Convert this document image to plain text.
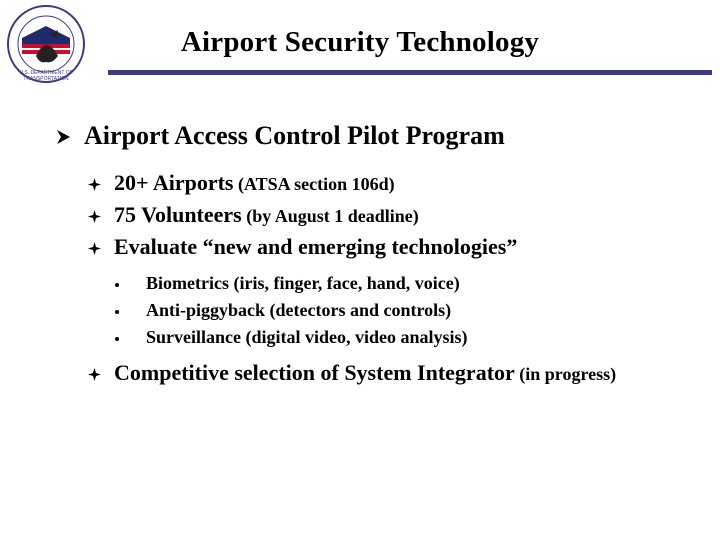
U.S. DEPARTMENT OF
TRANSPORTATION
Airport Security Technology
Airport Access Control Pilot Program
20+ Airports (ATSA section 106d)
75 Volunteers (by August 1 deadline)
Evaluate “new and emerging technologies”
Biometrics (iris, finger, face, hand, voice)
Anti-piggyback (detectors and controls)
Surveillance (digital video, video analysis)
Competitive selection of System Integrator (in progress)
